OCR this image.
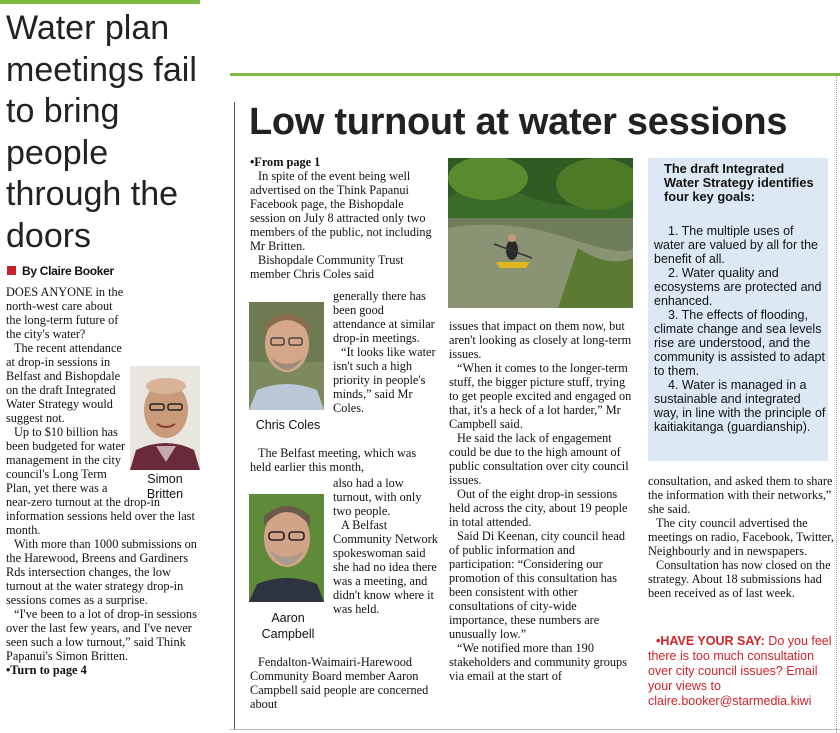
Water plan meetings fail to bring people through the doors
By Claire Booker
Simon Britten
Low turnout at water sessions
•From page 1
In spite of the event being well advertised on the Think Papanui Facebook page, the Bishopdale session on July 8 attracted only two members of the public, not including Mr Britten.
Bishopdale Community Trust member Chris Coles said
Chris Coles
generally there has been good attendance at similar drop-in meetings.
“It looks like water isn't such a high priority in people's minds,” said Mr Coles.
The Belfast meeting, which was held earlier this month,
Aaron Campbell
also had a low turnout, with only two people.
A Belfast Community Network spokeswoman said she had no idea there was a meeting, and didn't know where it was held.
Fendalton-Waimairi-Harewood Community Board member Aaron Campbell said people are concerned about
issues that impact on them now, but aren't looking as closely at long-term issues.
“When it comes to the longer-term stuff, the bigger picture stuff, trying to get people excited and engaged on that, it's a heck of a lot harder,” Mr Campbell said.
He said the lack of engagement could be due to the high amount of public consultation over city council issues.
Out of the eight drop-in sessions held across the city, about 19 people in total attended.
Said Di Keenan, city council head of public information and participation: “Considering our promotion of this consultation has been consistent with other consultations of city-wide importance, these numbers are unusually low.”
“We notified more than 190 stakeholders and community groups via email at the start of
The draft Integrated Water Strategy identifies four key goals:

1. The multiple uses of water are valued by all for the benefit of all.

2. Water quality and ecosystems are protected and enhanced.

3. The effects of flooding, climate change and sea levels rise are understood, and the community is assisted to adapt to them.

4. Water is managed in a sustainable and integrated way, in line with the principle of kaitiakitanga (guardianship).

consultation, and asked them to share the information with their networks,” she said.
The city council advertised the meetings on radio, Facebook, Twitter, Neighbourly and in newspapers.
Consultation has now closed on the strategy. About 18 submissions had been received as of last week.
•HAVE YOUR SAY: Do you feel there is too much consultation over city council issues? Email your views to claire.booker@starmedia.kiwi
DOES ANYONE in the north-west care about the long-term future of the city's water?
The recent attendance at drop-in sessions in Belfast and Bishopdale on the draft Integrated Water Strategy would suggest not.
Up to $10 billion has been budgeted for water management in the city council's Long Term Plan, yet there was a near-zero turnout at the drop-in information sessions held over the last month.
With more than 1000 submissions on the Harewood, Breens and Gardiners Rds intersection changes, the low turnout at the water strategy drop-in sessions comes as a surprise.
“I've been to a lot of drop-in sessions over the last few years, and I've never seen such a low turnout,” said Think Papanui's Simon Britten.
•Turn to page 4
